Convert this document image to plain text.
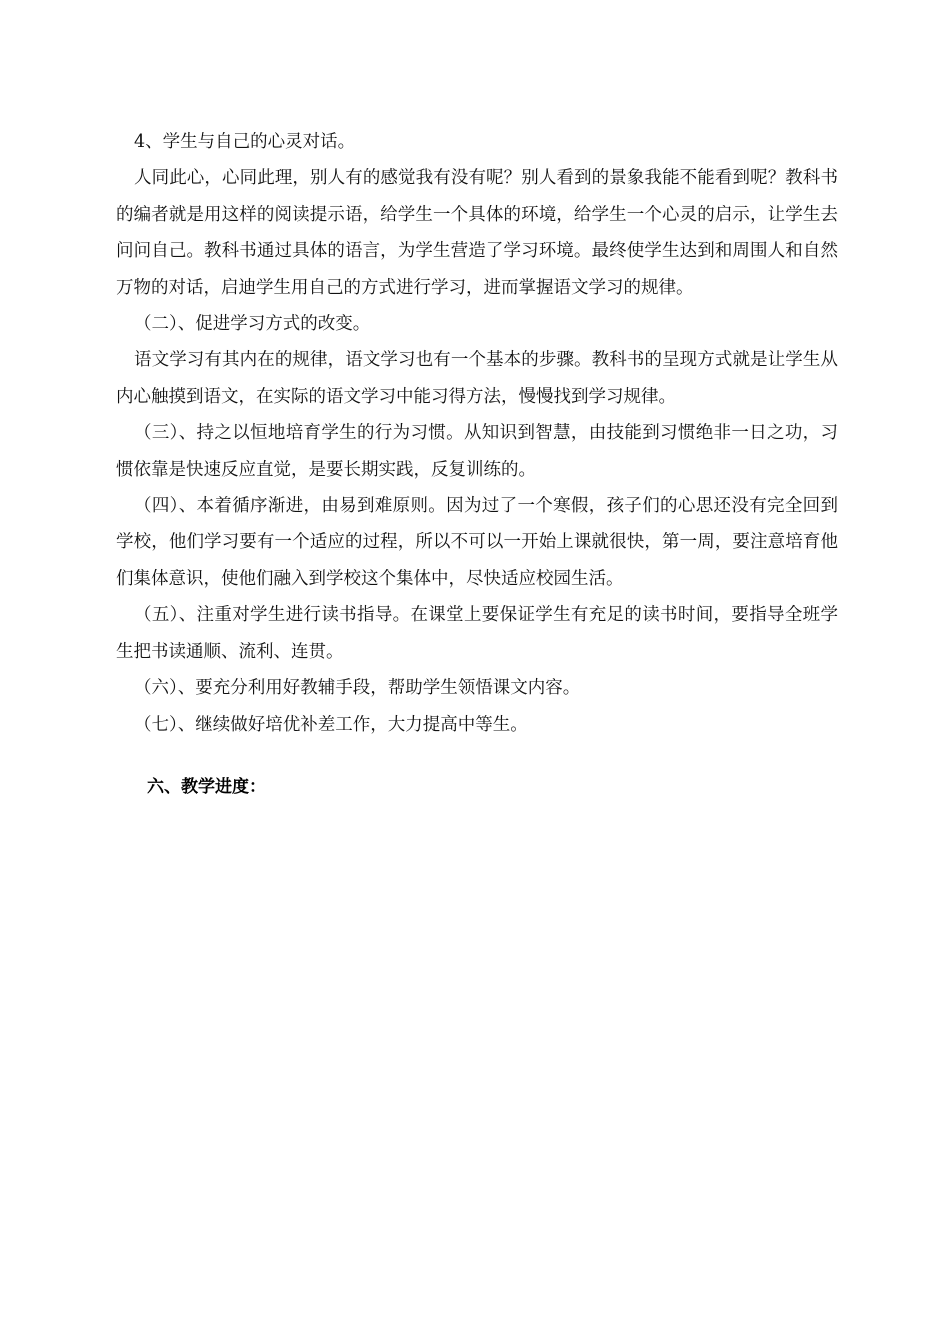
4、学生与自己的心灵对话。

人同此心，心同此理，别人有的感觉我有没有呢？别人看到的景象我能不能看到呢？教科书的编者就是用这样的阅读提示语，给学生一个具体的环境，给学生一个心灵的启示，让学生去问问自己。教科书通过具体的语言，为学生营造了学习环境。最终使学生达到和周围人和自然万物的对话，启迪学生用自己的方式进行学习，进而掌握语文学习的规律。

（二）、促进学习方式的改变。

语文学习有其内在的规律，语文学习也有一个基本的步骤。教科书的呈现方式就是让学生从内心触摸到语文，在实际的语文学习中能习得方法，慢慢找到学习规律。

（三）、持之以恒地培育学生的行为习惯。从知识到智慧，由技能到习惯绝非一日之功，习惯依靠是快速反应直觉，是要长期实践，反复训练的。

（四）、本着循序渐进，由易到难原则。因为过了一个寒假，孩子们的心思还没有完全回到学校，他们学习要有一个适应的过程，所以不可以一开始上课就很快，第一周，要注意培育他们集体意识，使他们融入到学校这个集体中，尽快适应校园生活。

（五）、注重对学生进行读书指导。在课堂上要保证学生有充足的读书时间，要指导全班学生把书读通顺、流利、连贯。

（六）、要充分利用好教辅手段，帮助学生领悟课文内容。

（七）、继续做好培优补差工作，大力提高中等生。

六、教学进度：
